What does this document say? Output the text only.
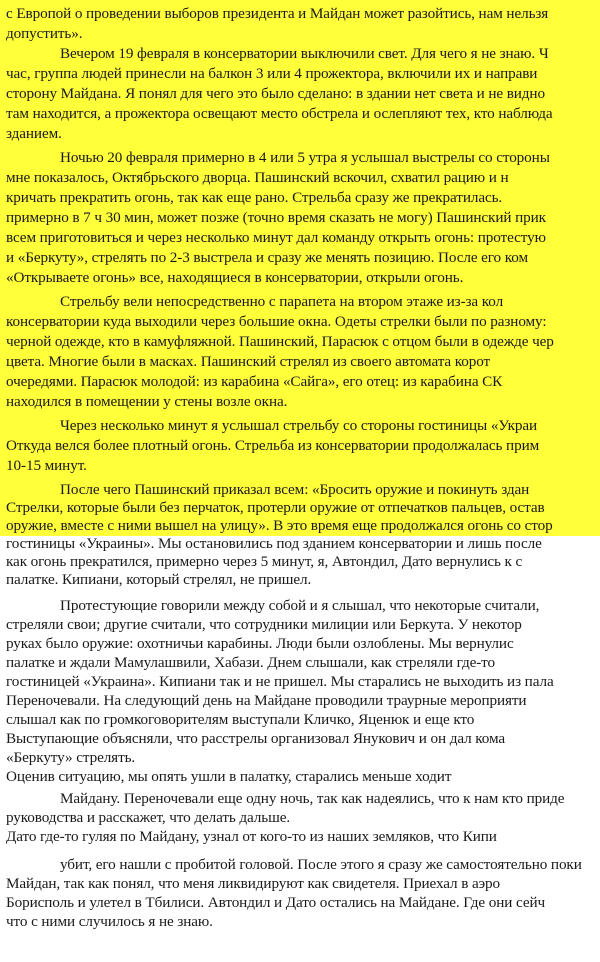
с Европой о проведении выборов президента и Майдан может разойтись, нам нельзя
допустить».
Вечером 19 февраля в консерватории выключили свет. Для чего я не знаю. Ч
час, группа людей принесли на балкон 3 или 4 прожектора, включили их и направи
сторону Майдана. Я понял для чего это было сделано: в здании нет света и не видно
там находится, а прожектора освещают место обстрела и ослепляют тех, кто наблюда
зданием.
Ночью 20 февраля примерно в 4 или 5 утра я услышал выстрелы со стороны
мне показалось, Октябрьского дворца. Пашинский вскочил, схватил рацию и н
кричать прекратить огонь, так как еще рано. Стрельба сразу же прекратилась.
примерно в 7 ч 30 мин, может позже (точно время сказать не могу) Пашинский прик
всем приготовиться и через несколько минут дал команду открыть огонь: протестую
и «Беркуту», стрелять по 2-3 выстрела и сразу же менять позицию. После его ком
«Открываете огонь» все, находящиеся в консерватории, открыли огонь.
Стрельбу вели непосредственно с парапета на втором этаже из-за кол
консерватории куда выходили через большие окна. Одеты стрелки были по разному:
черной одежде, кто в камуфляжной. Пашинский, Парасюк с отцом были в одежде чер
цвета. Многие были в масках. Пашинский стрелял из своего автомата корот
очередями. Парасюк молодой: из карабина «Сайга», его отец: из карабина СК
находился в помещении у стены возле окна.
Через несколько минут я услышал стрельбу со стороны гостиницы «Украи
Откуда велся более плотный огонь. Стрельба из консерватории продолжалась прим
10-15 минут.
После чего Пашинский приказал всем: «Бросить оружие и покинуть здан
Стрелки, которые были без перчаток, протерли оружие от отпечатков пальцев, остав
оружие, вместе с ними вышел на улицу». В это время еще продолжался огонь со стор
гостиницы «Украины». Мы остановились под зданием консерватории и лишь после
как огонь прекратился, примерно через 5 минут, я, Автондил, Дато вернулись к с
палатке. Кипиани, который стрелял, не пришел.
Протестующие говорили между собой и я слышал, что некоторые считали,
стреляли свои; другие считали, что сотрудники милиции или Беркута. У некотор
руках было оружие: охотничьи карабины. Люди были озлоблены. Мы вернулис
палатке и ждали Мамулашвили, Хабази. Днем слышали, как стреляли где-то
гостиницей «Украина». Кипиани так и не пришел. Мы старались не выходить из пала
Переночевали. На следующий день на Майдане проводили траурные мероприяти
слышал как по громкоговорителям выступали Кличко, Яценюк и еще кто
Выступающие объясняли, что расстрелы организовал Янукович и он дал кома
«Беркуту» стрелять.
Оценив ситуацию, мы опять ушли в палатку, старались меньше ходит
Майдану. Переночевали еще одну ночь, так как надеялись, что к нам кто приде
руководства и расскажет, что делать дальше.
Дато где-то гуляя по Майдану, узнал от кого-то из наших земляков, что Кипи
убит, его нашли с пробитой головой. После этого я сразу же самостоятельно поки
Майдан, так как понял, что меня ликвидируют как свидетеля. Приехал в аэро
Борисполь и улетел в Тбилиси. Автондил и Дато остались на Майдане. Где они сейч
что с ними случилось я не знаю.
